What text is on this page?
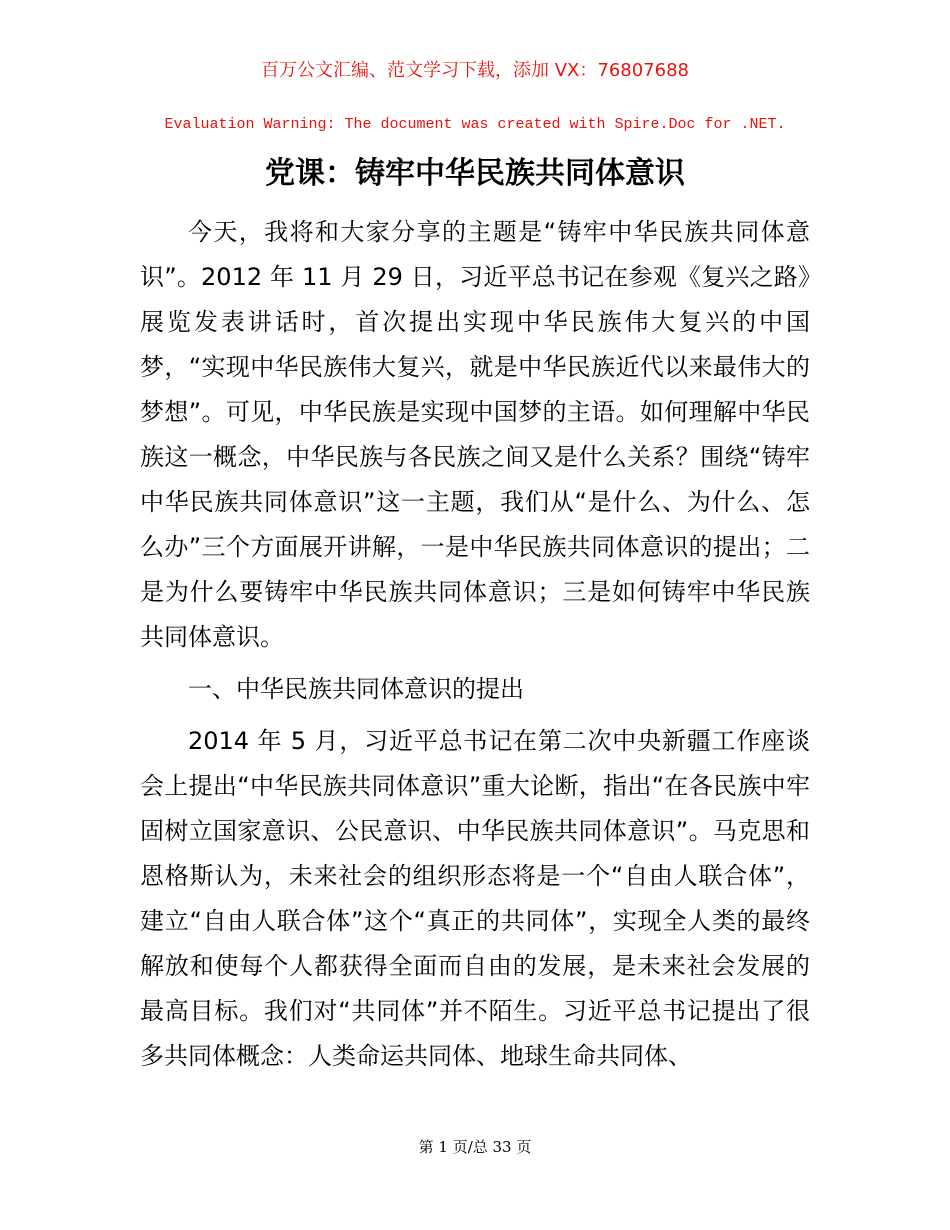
百万公文汇编、范文学习下载，添加 VX：76807688
Evaluation Warning: The document was created with Spire.Doc for .NET.
党课：铸牢中华民族共同体意识

今天，我将和大家分享的主题是“铸牢中华民族共同体意识”。2012 年 11 月 29 日，习近平总书记在参观《复兴之路》展览发表讲话时，首次提出实现中华民族伟大复兴的中国梦，“实现中华民族伟大复兴，就是中华民族近代以来最伟大的梦想”。可见，中华民族是实现中国梦的主语。如何理解中华民族这一概念，中华民族与各民族之间又是什么关系？围绕“铸牢中华民族共同体意识”这一主题，我们从“是什么、为什么、怎么办”三个方面展开讲解，一是中华民族共同体意识的提出；二是为什么要铸牢中华民族共同体意识；三是如何铸牢中华民族共同体意识。

一、中华民族共同体意识的提出

2014 年 5 月，习近平总书记在第二次中央新疆工作座谈会上提出“中华民族共同体意识”重大论断，指出“在各民族中牢固树立国家意识、公民意识、中华民族共同体意识”。马克思和恩格斯认为，未来社会的组织形态将是一个“自由人联合体”，建立“自由人联合体”这个“真正的共同体”，实现全人类的最终解放和使每个人都获得全面而自由的发展，是未来社会发展的最高目标。我们对“共同体”并不陌生。习近平总书记提出了很多共同体概念：人类命运共同体、地球生命共同体、

第 1 页/总 33 页
